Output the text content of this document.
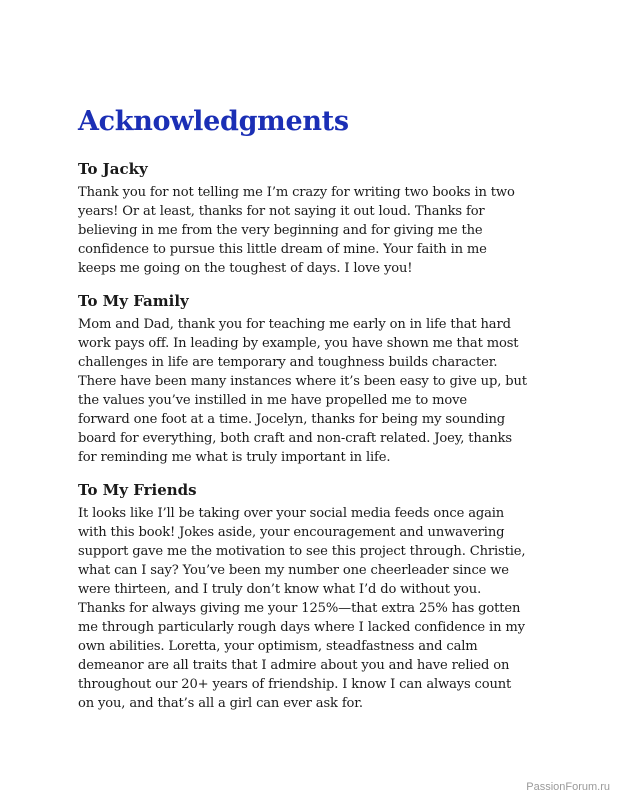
Acknowledgments
To Jacky

Thank you for not telling me I’m crazy for writing two books in two
years! Or at least, thanks for not saying it out loud. Thanks for
believing in me from the very beginning and for giving me the
confidence to pursue this little dream of mine. Your faith in me
keeps me going on the toughest of days. I love you!

To My Family

Mom and Dad, thank you for teaching me early on in life that hard
work pays off. In leading by example, you have shown me that most
challenges in life are temporary and toughness builds character.
There have been many instances where it’s been easy to give up, but
the values you’ve instilled in me have propelled me to move
forward one foot at a time. Jocelyn, thanks for being my sounding
board for everything, both craft and non-craft related. Joey, thanks
for reminding me what is truly important in life.

To My Friends

It looks like I’ll be taking over your social media feeds once again
with this book! Jokes aside, your encouragement and unwavering
support gave me the motivation to see this project through. Christie,
what can I say? You’ve been my number one cheerleader since we
were thirteen, and I truly don’t know what I’d do without you.
Thanks for always giving me your 125%—that extra 25% has gotten
me through particularly rough days where I lacked confidence in my
own abilities. Loretta, your optimism, steadfastness and calm
demeanor are all traits that I admire about you and have relied on
throughout our 20+ years of friendship. I know I can always count
on you, and that’s all a girl can ever ask for.

PassionForum.ru
